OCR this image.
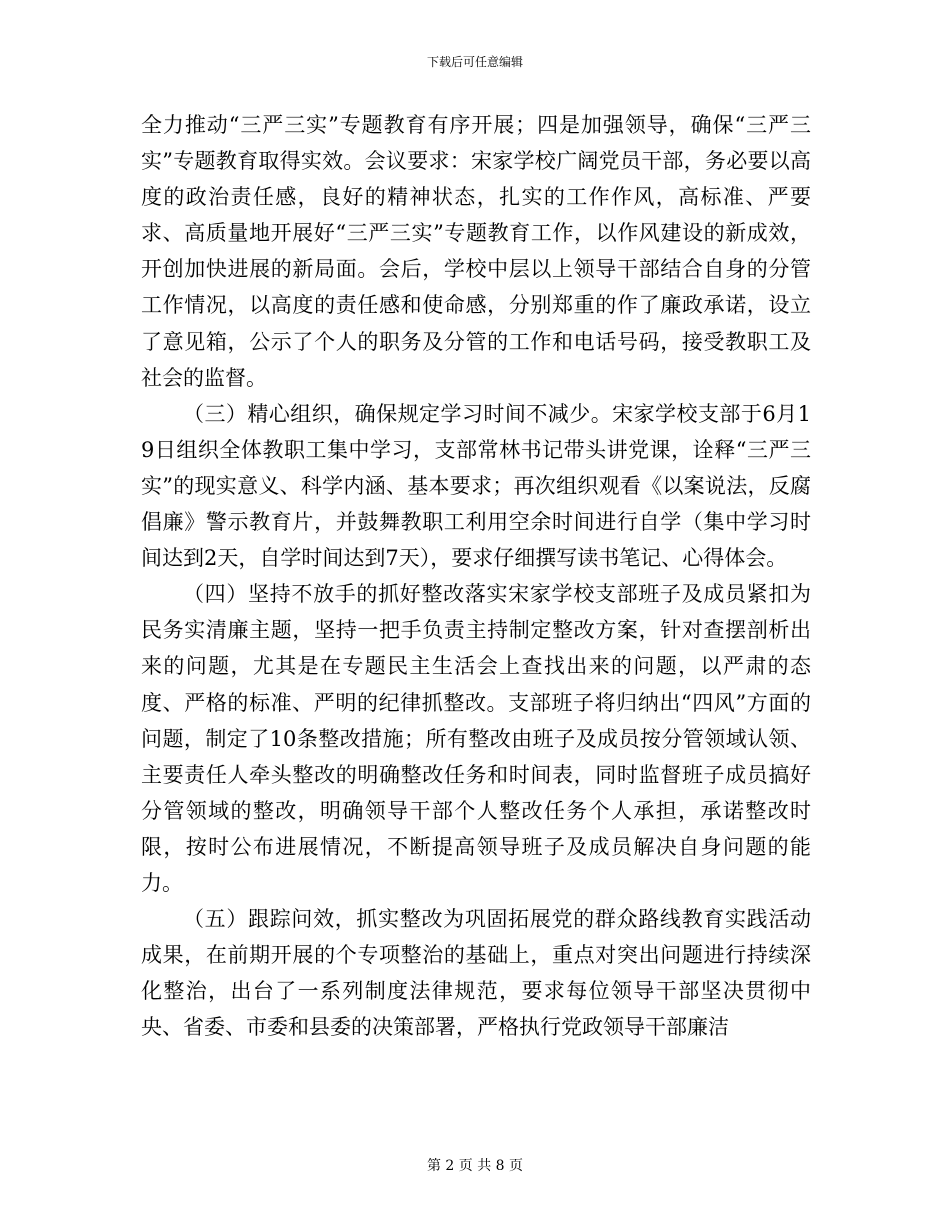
下载后可任意编辑

全力推动“三严三实”专题教育有序开展；四是加强领导，确保“三严三实”专题教育取得实效。会议要求：宋家学校广阔党员干部，务必要以高度的政治责任感，良好的精神状态，扎实的工作作风，高标准、严要求、高质量地开展好“三严三实”专题教育工作，以作风建设的新成效，开创加快进展的新局面。会后，学校中层以上领导干部结合自身的分管工作情况，以高度的责任感和使命感，分别郑重的作了廉政承诺，设立了意见箱，公示了个人的职务及分管的工作和电话号码，接受教职工及社会的监督。

（三）精心组织，确保规定学习时间不减少。宋家学校支部于6月19日组织全体教职工集中学习，支部常林书记带头讲党课，诠释“三严三实”的现实意义、科学内涵、基本要求；再次组织观看《以案说法，反腐倡廉》警示教育片，并鼓舞教职工利用空余时间进行自学（集中学习时间达到2天，自学时间达到7天），要求仔细撰写读书笔记、心得体会。

（四）坚持不放手的抓好整改落实宋家学校支部班子及成员紧扣为民务实清廉主题，坚持一把手负责主持制定整改方案，针对查摆剖析出来的问题，尤其是在专题民主生活会上查找出来的问题，以严肃的态度、严格的标准、严明的纪律抓整改。支部班子将归纳出“四风”方面的问题，制定了10条整改措施；所有整改由班子及成员按分管领域认领、主要责任人牵头整改的明确整改任务和时间表，同时监督班子成员搞好分管领域的整改，明确领导干部个人整改任务个人承担，承诺整改时限，按时公布进展情况，不断提高领导班子及成员解决自身问题的能力。

（五）跟踪问效，抓实整改为巩固拓展党的群众路线教育实践活动成果，在前期开展的个专项整治的基础上，重点对突出问题进行持续深化整治，出台了一系列制度法律规范，要求每位领导干部坚决贯彻中央、省委、市委和县委的决策部署，严格执行党政领导干部廉洁

第 2 页 共 8 页
